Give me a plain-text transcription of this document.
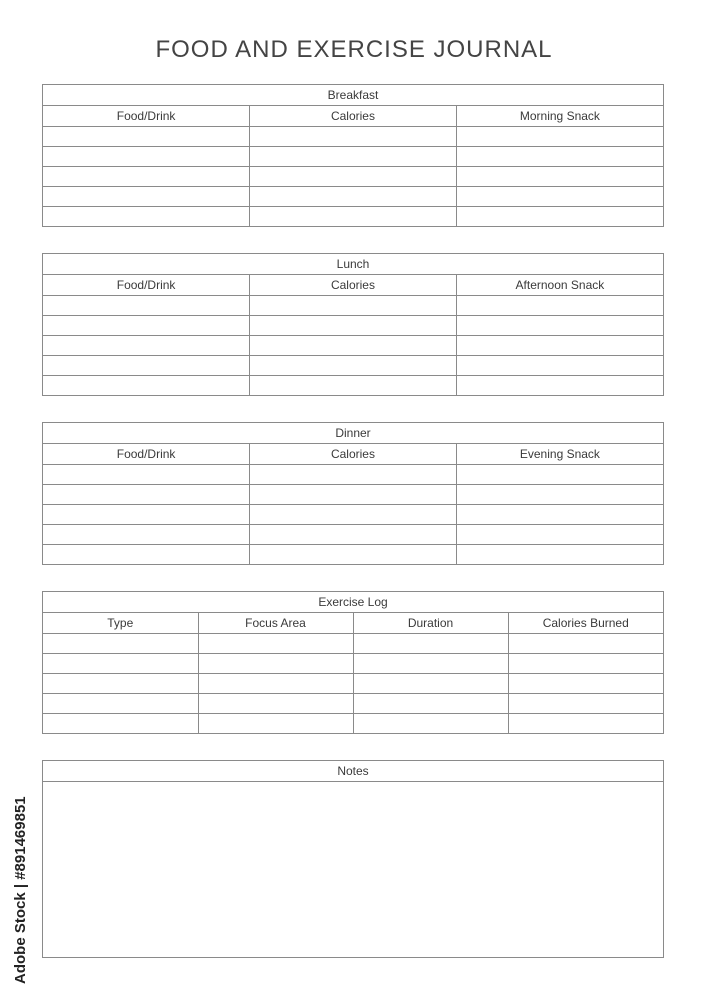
FOOD AND EXERCISE JOURNAL
Breakfast
Food/Drink	Calories	Morning Snack

Lunch
Food/Drink	Calories	Afternoon Snack

Dinner
Food/Drink	Calories	Evening Snack

Exercise Log
Type	Focus Area	Duration	Calories Burned

Notes
Adobe Stock | #891469851
